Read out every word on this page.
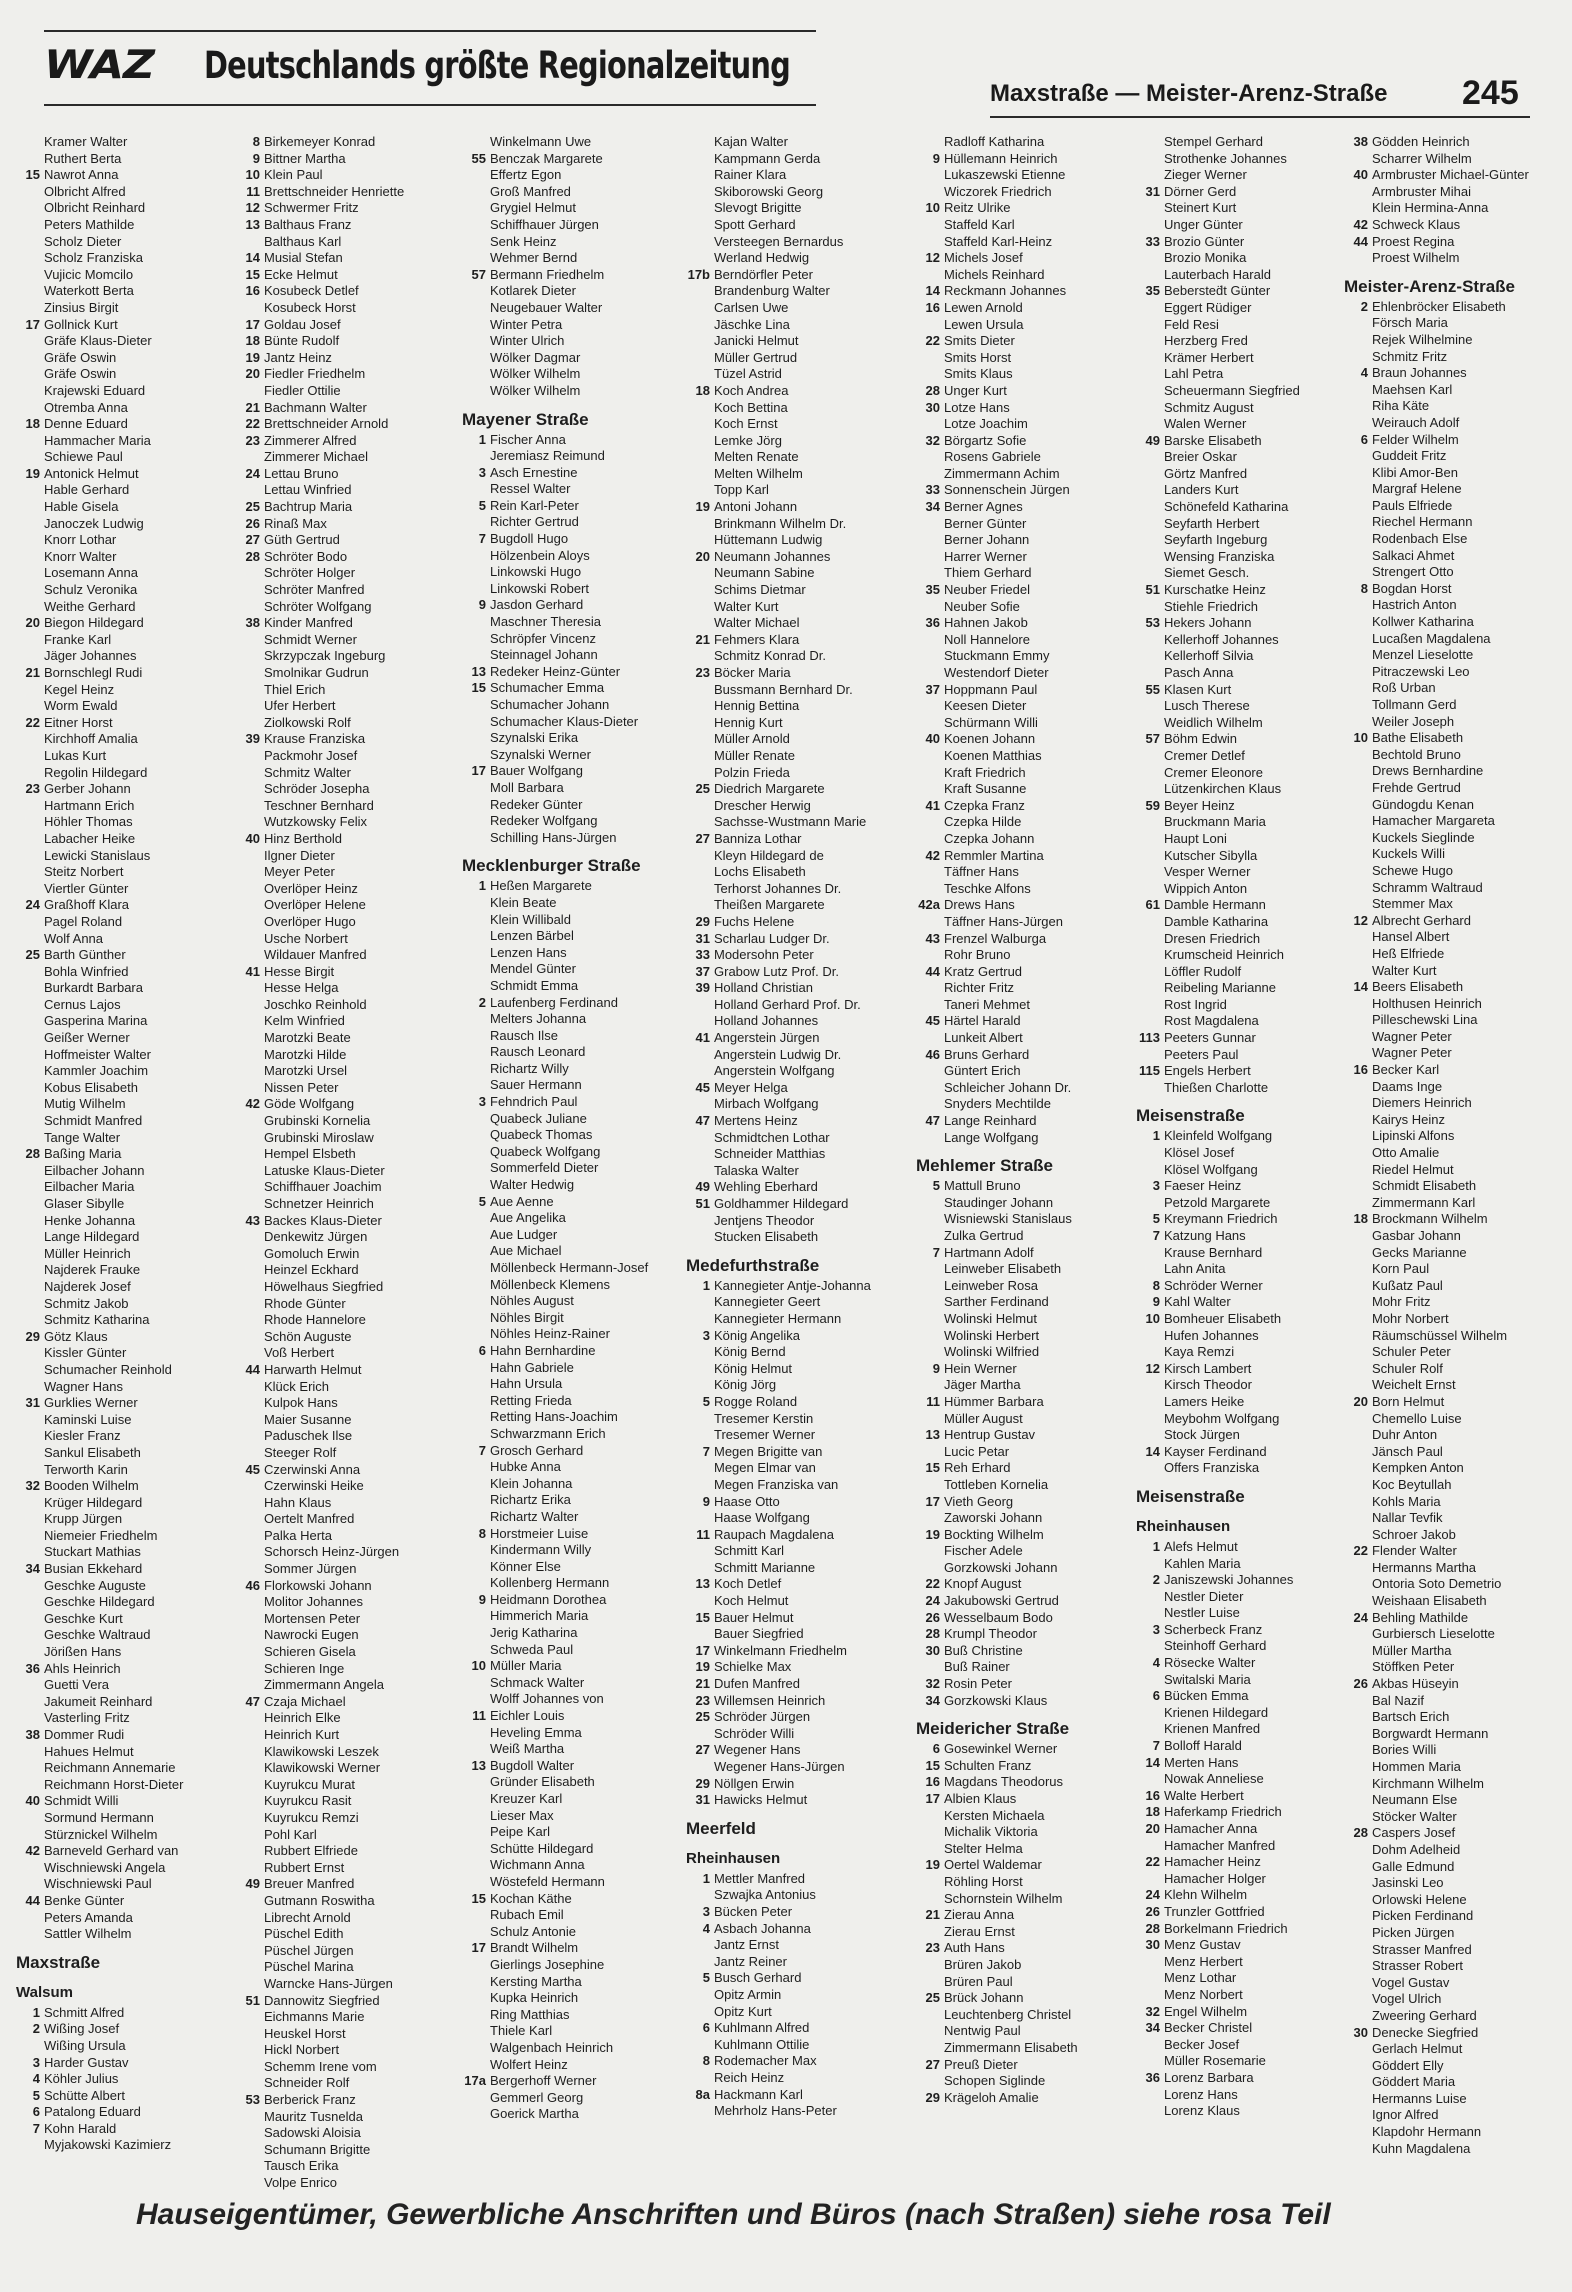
WAZ Deutschlands größte Regionalzeitung
Maxstraße — Meister-Arenz-Straße 245
Kramer Walter
Ruthert Berta
15 Nawrot Anna
Olbricht Alfred
Olbricht Reinhard
Peters Mathilde
Scholz Dieter
Scholz Franziska
Vujicic Momcilo
Waterkott Berta
Zinsius Birgit
17 Gollnick Kurt
Gräfe Klaus-Dieter
Gräfe Oswin
Gräfe Oswin
Krajewski Eduard
Otremba Anna
18 Denne Eduard
Hammacher Maria
Schiewe Paul
19 Antonick Helmut
Hable Gerhard
Hable Gisela
Janoczek Ludwig
Knorr Lothar
Knorr Walter
Losemann Anna
Schulz Veronika
Weithe Gerhard
20 Biegon Hildegard
Franke Karl
Jäger Johannes
21 Bornschlegl Rudi
Kegel Heinz
Worm Ewald
22 Eitner Horst
Kirchhoff Amalia
Lukas Kurt
Regolin Hildegard
23 Gerber Johann
Hartmann Erich
Höhler Thomas
Labacher Heike
Lewicki Stanislaus
Steitz Norbert
Viertler Günter
24 Graßhoff Klara
Pagel Roland
Wolf Anna
25 Barth Günther
Bohla Winfried
Burkardt Barbara
Cernus Lajos
Gasperina Marina
Geißer Werner
Hoffmeister Walter
Kammler Joachim
Kobus Elisabeth
Mutig Wilhelm
Schmidt Manfred
Tange Walter
28 Baßing Maria
Eilbacher Johann
Eilbacher Maria
Glaser Sibylle
Henke Johanna
Lange Hildegard
Müller Heinrich
Najderek Frauke
Najderek Josef
Schmitz Jakob
Schmitz Katharina
29 Götz Klaus
Kissler Günter
Schumacher Reinhold
Wagner Hans
31 Gurklies Werner
Kaminski Luise
Kiesler Franz
Sankul Elisabeth
Terworth Karin
32 Booden Wilhelm
Krüger Hildegard
Krupp Jürgen
Niemeier Friedhelm
Stuckart Mathias
34 Busian Ekkehard
Geschke Auguste
Geschke Hildegard
Geschke Kurt
Geschke Waltraud
Jörißen Hans
36 Ahls Heinrich
Guetti Vera
Jakumeit Reinhard
Vasterling Fritz
38 Dommer Rudi
Hahues Helmut
Reichmann Annemarie
Reichmann Horst-Dieter
40 Schmidt Willi
Sormund Hermann
Stürznickel Wilhelm
42 Barneveld Gerhard van
Wischniewski Angela
Wischniewski Paul
44 Benke Günter
Peters Amanda
Sattler Wilhelm
Maxstraße
Walsum
1 Schmitt Alfred
2 Wißing Josef
Wißing Ursula
3 Harder Gustav
4 Köhler Julius
5 Schütte Albert
6 Patalong Eduard
7 Kohn Harald
Myjakowski Kazimierz
8 Birkemeyer Konrad
9 Bittner Martha
10 Klein Paul
11 Brettschneider Henriette
12 Schwermer Fritz
13 Balthaus Franz
Balthaus Karl
14 Musial Stefan
15 Ecke Helmut
16 Kosubeck Detlef
Kosubeck Horst
17 Goldau Josef
18 Bünte Rudolf
19 Jantz Heinz
20 Fiedler Friedhelm
Fiedler Ottilie
21 Bachmann Walter
22 Brettschneider Arnold
23 Zimmerer Alfred
Zimmerer Michael
24 Lettau Bruno
Lettau Winfried
25 Bachtrup Maria
26 Rinaß Max
27 Güth Gertrud
28 Schröter Bodo
Schröter Holger
Schröter Manfred
Schröter Wolfgang
38 Kinder Manfred
Schmidt Werner
Skrzypczak Ingeburg
Smolnikar Gudrun
Thiel Erich
Ufer Herbert
Ziolkowski Rolf
39 Krause Franziska
Packmohr Josef
Schmitz Walter
Schröder Josepha
Teschner Bernhard
Wutzkowsky Felix
40 Hinz Berthold
Ilgner Dieter
Meyer Peter
Overlöper Heinz
Overlöper Helene
Overlöper Hugo
Usche Norbert
Wildauer Manfred
41 Hesse Birgit
Hesse Helga
Joschko Reinhold
Kelm Winfried
Marotzki Beate
Marotzki Hilde
Marotzki Ursel
Nissen Peter
42 Göde Wolfgang
Grubinski Kornelia
Grubinski Miroslaw
Hempel Elsbeth
Latuske Klaus-Dieter
Schiffhauer Joachim
Schnetzer Heinrich
43 Backes Klaus-Dieter
Denkewitz Jürgen
Gomoluch Erwin
Heinzel Eckhard
Höwelhaus Siegfried
Rhode Günter
Rhode Hannelore
Schön Auguste
Voß Herbert
44 Harwarth Helmut
Klück Erich
Kulpok Hans
Maier Susanne
Paduschek Ilse
Steeger Rolf
45 Czerwinski Anna
Czerwinski Heike
Hahn Klaus
Oertelt Manfred
Palka Herta
Schorsch Heinz-Jürgen
Sommer Jürgen
46 Florkowski Johann
Molitor Johannes
Mortensen Peter
Nawrocki Eugen
Schieren Gisela
Schieren Inge
Zimmermann Angela
47 Czaja Michael
Heinrich Elke
Heinrich Kurt
Klawikowski Leszek
Klawikowski Werner
Kuyrukcu Murat
Kuyrukcu Rasit
Kuyrukcu Remzi
Pohl Karl
Rubbert Elfriede
Rubbert Ernst
49 Breuer Manfred
Gutmann Roswitha
Librecht Arnold
Püschel Edith
Püschel Jürgen
Püschel Marina
Warncke Hans-Jürgen
51 Dannowitz Siegfried
Eichmanns Marie
Heuskel Horst
Hickl Norbert
Schemm Irene vom
Schneider Rolf
53 Berberick Franz
Mauritz Tusnelda
Sadowski Aloisia
Schumann Brigitte
Tausch Erika
Volpe Enrico
Winkelmann Uwe
55 Benczak Margarete
Effertz Egon
Groß Manfred
Grygiel Helmut
Schiffhauer Jürgen
Senk Heinz
Wehmer Bernd
57 Bermann Friedhelm
Kotlarek Dieter
Neugebauer Walter
Winter Petra
Winter Ulrich
Wölker Dagmar
Wölker Wilhelm
Wölker Wilhelm
Mayener Straße
1 Fischer Anna
Jeremiasz Reimund
3 Asch Ernestine
Ressel Walter
5 Rein Karl-Peter
Richter Gertrud
7 Bugdoll Hugo
Hölzenbein Aloys
Linkowski Hugo
Linkowski Robert
9 Jasdon Gerhard
Maschner Theresia
Schröpfer Vincenz
Steinnagel Johann
13 Redeker Heinz-Günter
15 Schumacher Emma
Schumacher Johann
Schumacher Klaus-Dieter
Szynalski Erika
Szynalski Werner
17 Bauer Wolfgang
Moll Barbara
Redeker Günter
Redeker Wolfgang
Schilling Hans-Jürgen
Mecklenburger Straße
1 Heßen Margarete
Klein Beate
Klein Willibald
Lenzen Bärbel
Lenzen Hans
Mendel Günter
Schmidt Emma
2 Laufenberg Ferdinand
Melters Johanna
Rausch Ilse
Rausch Leonard
Richartz Willy
Sauer Hermann
3 Fehndrich Paul
Quabeck Juliane
Quabeck Thomas
Quabeck Wolfgang
Sommerfeld Dieter
Walter Hedwig
5 Aue Aenne
Aue Angelika
Aue Ludger
Aue Michael
Möllenbeck Hermann-Josef
Möllenbeck Klemens
Nöhles August
Nöhles Birgit
Nöhles Heinz-Rainer
6 Hahn Bernhardine
Hahn Gabriele
Hahn Ursula
Retting Frieda
Retting Hans-Joachim
Schwarzmann Erich
7 Grosch Gerhard
Hubke Anna
Klein Johanna
Richartz Erika
Richartz Walter
8 Horstmeier Luise
Kindermann Willy
Könner Else
Kollenberg Hermann
9 Heidmann Dorothea
Himmerich Maria
Jerig Katharina
Schweda Paul
10 Müller Maria
Schmack Walter
Wolff Johannes von
11 Eichler Louis
Heveling Emma
Weiß Martha
13 Bugdoll Walter
Gründer Elisabeth
Kreuzer Karl
Lieser Max
Peipe Karl
Schütte Hildegard
Wichmann Anna
Wöstefeld Hermann
15 Kochan Käthe
Rubach Emil
Schulz Antonie
17 Brandt Wilhelm
Gierlings Josephine
Kersting Martha
Kupka Heinrich
Ring Matthias
Thiele Karl
Walgenbach Heinrich
Wolfert Heinz
17a Bergerhoff Werner
Gemmerl Georg
Goerick Martha
Kajan Walter
Kampmann Gerda
Rainer Klara
Skiborowski Georg
Slevogt Brigitte
Spott Gerhard
Versteegen Bernardus
Werland Hedwig
17b Berndörfler Peter
Brandenburg Walter
Carlsen Uwe
Jäschke Lina
Janicki Helmut
Müller Gertrud
Tüzel Astrid
18 Koch Andrea
Koch Bettina
Koch Ernst
Lemke Jörg
Melten Renate
Melten Wilhelm
Topp Karl
19 Antoni Johann
Brinkmann Wilhelm Dr.
Hüttemann Ludwig
20 Neumann Johannes
Neumann Sabine
Schims Dietmar
Walter Kurt
Walter Michael
21 Fehmers Klara
Schmitz Konrad Dr.
23 Böcker Maria
Bussmann Bernhard Dr.
Hennig Bettina
Hennig Kurt
Müller Arnold
Müller Renate
Polzin Frieda
25 Diedrich Margarete
Drescher Herwig
Sachsse-Wustmann Marie
27 Banniza Lothar
Kleyn Hildegard de
Lochs Elisabeth
Terhorst Johannes Dr.
Theißen Margarete
29 Fuchs Helene
31 Scharlau Ludger Dr.
33 Modersohn Peter
37 Grabow Lutz Prof. Dr.
39 Holland Christian
Holland Gerhard Prof. Dr.
Holland Johannes
41 Angerstein Jürgen
Angerstein Ludwig Dr.
Angerstein Wolfgang
45 Meyer Helga
Mirbach Wolfgang
47 Mertens Heinz
Schmidtchen Lothar
Schneider Matthias
Talaska Walter
49 Wehling Eberhard
51 Goldhammer Hildegard
Jentjens Theodor
Stucken Elisabeth
Medefurthstraße
1 Kannegieter Antje-Johanna
Kannegieter Geert
Kannegieter Hermann
3 König Angelika
König Bernd
König Helmut
König Jörg
5 Rogge Roland
Tresemer Kerstin
Tresemer Werner
7 Megen Brigitte van
Megen Elmar van
Megen Franziska van
9 Haase Otto
Haase Wolfgang
11 Raupach Magdalena
Schmitt Karl
Schmitt Marianne
13 Koch Detlef
Koch Helmut
15 Bauer Helmut
Bauer Siegfried
17 Winkelmann Friedhelm
19 Schielke Max
21 Dufen Manfred
23 Willemsen Heinrich
25 Schröder Jürgen
Schröder Willi
27 Wegener Hans
Wegener Hans-Jürgen
29 Nöllgen Erwin
31 Hawicks Helmut
Meerfeld
Rheinhausen
1 Mettler Manfred
Szwajka Antonius
3 Bücken Peter
4 Asbach Johanna
Jantz Ernst
Jantz Reiner
5 Busch Gerhard
Opitz Armin
Opitz Kurt
6 Kuhlmann Alfred
Kuhlmann Ottilie
8 Rodemacher Max
Reich Heinz
8a Hackmann Karl
Mehrholz Hans-Peter
Radloff Katharina
9 Hüllemann Heinrich
Lukaszewski Etienne
Wiczorek Friedrich
10 Reitz Ulrike
Staffeld Karl
Staffeld Karl-Heinz
12 Michels Josef
Michels Reinhard
14 Reckmann Johannes
16 Lewen Arnold
Lewen Ursula
22 Smits Dieter
Smits Horst
Smits Klaus
28 Unger Kurt
30 Lotze Hans
Lotze Joachim
32 Börgartz Sofie
Rosens Gabriele
Zimmermann Achim
33 Sonnenschein Jürgen
34 Berner Agnes
Berner Günter
Berner Johann
Harrer Werner
Thiem Gerhard
35 Neuber Friedel
Neuber Sofie
36 Hahnen Jakob
Noll Hannelore
Stuckmann Emmy
Westendorf Dieter
37 Hoppmann Paul
Keesen Dieter
Schürmann Willi
40 Koenen Johann
Koenen Matthias
Kraft Friedrich
Kraft Susanne
41 Czepka Franz
Czepka Hilde
Czepka Johann
42 Remmler Martina
Täffner Hans
Teschke Alfons
42a Drews Hans
Täffner Hans-Jürgen
43 Frenzel Walburga
Rohr Bruno
44 Kratz Gertrud
Richter Fritz
Taneri Mehmet
45 Härtel Harald
Lunkeit Albert
46 Bruns Gerhard
Güntert Erich
Schleicher Johann Dr.
Snyders Mechtilde
47 Lange Reinhard
Lange Wolfgang
Mehlemer Straße
5 Mattull Bruno
Staudinger Johann
Wisniewski Stanislaus
Zulka Gertrud
7 Hartmann Adolf
Leinweber Elisabeth
Leinweber Rosa
Sarther Ferdinand
Wolinski Helmut
Wolinski Herbert
Wolinski Wilfried
9 Hein Werner
Jäger Martha
11 Hümmer Barbara
Müller August
13 Hentrup Gustav
Lucic Petar
15 Reh Erhard
Tottleben Kornelia
17 Vieth Georg
Zaworski Johann
19 Bockting Wilhelm
Fischer Adele
Gorzkowski Johann
22 Knopf August
24 Jakubowski Gertrud
26 Wesselbaum Bodo
28 Krumpl Theodor
30 Buß Christine
Buß Rainer
32 Rosin Peter
34 Gorzkowski Klaus
Meidericher Straße
6 Gosewinkel Werner
15 Schulten Franz
16 Magdans Theodorus
17 Albien Klaus
Kersten Michaela
Michalik Viktoria
Stelter Helma
19 Oertel Waldemar
Röhling Horst
Schornstein Wilhelm
21 Zierau Anna
Zierau Ernst
23 Auth Hans
Brüren Jakob
Brüren Paul
25 Brück Johann
Leuchtenberg Christel
Nentwig Paul
Zimmermann Elisabeth
27 Preuß Dieter
Schopen Siglinde
29 Krägeloh Amalie
Stempel Gerhard
Strothenke Johannes
Zieger Werner
31 Dörner Gerd
Steinert Kurt
Unger Günter
33 Brozio Günter
Brozio Monika
Lauterbach Harald
35 Bebersted̈t Günter
Eggert Rüdiger
Feld Resi
Herzberg Fred
Krämer Herbert
Lahl Petra
Scheuermann Siegfried
Schmitz August
Walen Werner
49 Barske Elisabeth
Breier Oskar
Görtz Manfred
Landers Kurt
Schönefeld Katharina
Seyfarth Herbert
Seyfarth Ingeburg
Wensing Franziska
Siemet Gesch.
51 Kurschatke Heinz
Stiehle Friedrich
53 Hekers Johann
Kellerhoff Johannes
Kellerhoff Silvia
Pasch Anna
55 Klasen Kurt
Lusch Therese
Weidlich Wilhelm
57 Böhm Edwin
Cremer Detlef
Cremer Eleonore
Lützenkirchen Klaus
59 Beyer Heinz
Bruckmann Maria
Haupt Loni
Kutscher Sibylla
Vesper Werner
Wippich Anton
61 Damble Hermann
Damble Katharina
Dresen Friedrich
Krumscheid Heinrich
Löffler Rudolf
Reibeling Marianne
Rost Ingrid
Rost Magdalena
113 Peeters Gunnar
Peeters Paul
115 Engels Herbert
Thießen Charlotte
Meisenstraße
1 Kleinfeld Wolfgang
Klösel Josef
Klösel Wolfgang
3 Faeser Heinz
Petzold Margarete
5 Kreymann Friedrich
7 Katzung Hans
Krause Bernhard
Lahn Anita
8 Schröder Werner
9 Kahl Walter
10 Bomheuer Elisabeth
Hufen Johannes
Kaya Remzi
12 Kirsch Lambert
Kirsch Theodor
Lamers Heike
Meybohm Wolfgang
Stock Jürgen
14 Kayser Ferdinand
Offers Franziska
Meisenstraße
Rheinhausen
1 Alefs Helmut
Kahlen Maria
2 Janiszewski Johannes
Nestler Dieter
Nestler Luise
3 Scherbeck Franz
Steinhoff Gerhard
4 Rösecke Walter
Switalski Maria
6 Bücken Emma
Krienen Hildegard
Krienen Manfred
7 Bolloff Harald
14 Merten Hans
Nowak Anneliese
16 Walte Herbert
18 Haferkamp Friedrich
20 Hamacher Anna
Hamacher Manfred
22 Hamacher Heinz
Hamacher Holger
24 Klehn Wilhelm
26 Trunzler Gottfried
28 Borkelmann Friedrich
30 Menz Gustav
Menz Herbert
Menz Lothar
Menz Norbert
32 Engel Wilhelm
34 Becker Christel
Becker Josef
Müller Rosemarie
36 Lorenz Barbara
Lorenz Hans
Lorenz Klaus
38 Gödden Heinrich
Scharrer Wilhelm
40 Armbruster Michael-Günter
Armbruster Mihai
Klein Hermina-Anna
42 Schweck Klaus
44 Proest Regina
Proest Wilhelm
Meister-Arenz-Straße
2 Ehlenbröcker Elisabeth
Försch Maria
Rejek Wilhelmine
Schmitz Fritz
4 Braun Johannes
Maehsen Karl
Riha Käte
Weirauch Adolf
6 Felder Wilhelm
Guddeit Fritz
Klibi Amor-Ben
Margraf Helene
Pauls Elfriede
Riechel Hermann
Rodenbach Else
Salkaci Ahmet
Strengert Otto
8 Bogdan Horst
Hastrich Anton
Kollwer Katharina
Lucaßen Magdalena
Menzel Lieselotte
Pitraczewski Leo
Roß Urban
Tollmann Gerd
Weiler Joseph
10 Bathe Elisabeth
Bechtold Bruno
Drews Bernhardine
Frehde Gertrud
Gündogdu Kenan
Hamacher Margareta
Kuckels Sieglinde
Kuckels Willi
Schewe Hugo
Schramm Waltraud
Stemmer Max
12 Albrecht Gerhard
Hansel Albert
Heß Elfriede
Walter Kurt
14 Beers Elisabeth
Holthusen Heinrich
Pilleschewski Lina
Wagner Peter
Wagner Peter
16 Becker Karl
Daams Inge
Diemers Heinrich
Kairys Heinz
Lipinski Alfons
Otto Amalie
Riedel Helmut
Schmidt Elisabeth
Zimmermann Karl
18 Brockmann Wilhelm
Gasbar Johann
Gecks Marianne
Korn Paul
Kußatz Paul
Mohr Fritz
Mohr Norbert
Räumschüssel Wilhelm
Schuler Peter
Schuler Rolf
Weichelt Ernst
20 Born Helmut
Chemello Luise
Duhr Anton
Jänsch Paul
Kempken Anton
Koc Beytullah
Kohls Maria
Nallar Tevfik
Schroer Jakob
22 Flender Walter
Hermanns Martha
Ontoria Soto Demetrio
Weishaan Elisabeth
24 Behling Mathilde
Gurbiersch Lieselotte
Müller Martha
Stöffken Peter
26 Akbas Hüseyin
Bal Nazif
Bartsch Erich
Borgwardt Hermann
Bories Willi
Hommen Maria
Kirchmann Wilhelm
Neumann Else
Stöcker Walter
28 Caspers Josef
Dohm Adelheid
Galle Edmund
Jasinski Leo
Orlowski Helene
Picken Ferdinand
Picken Jürgen
Strasser Manfred
Strasser Robert
Vogel Gustav
Vogel Ulrich
Zweering Gerhard
30 Denecke Siegfried
Gerlach Helmut
Göddert Elly
Göddert Maria
Hermanns Luise
Ignor Alfred
Klapdohr Hermann
Kuhn Magdalena
Hauseigentümer, Gewerbliche Anschriften und Büros (nach Straßen) siehe rosa Teil
